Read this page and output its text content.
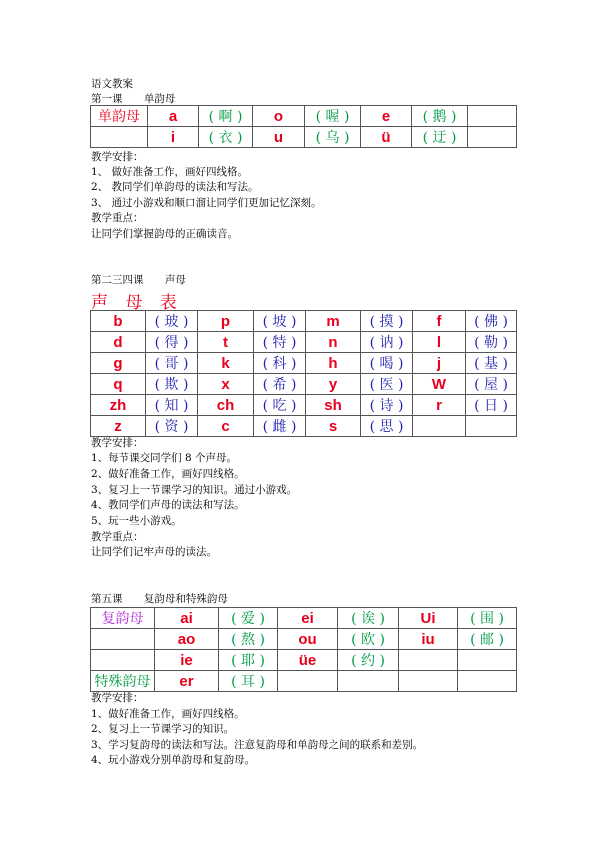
语文教案
第一课 单韵母
单韵母	a	( 啊 )	o	( 喔 )	e	( 鹅 )	
	i	( 衣 )	u	( 乌 )	ü	( 迂 )	
教学安排：
1、 做好准备工作，画好四线格。
2、 教同学们单韵母的读法和写法。
3、 通过小游戏和顺口溜让同学们更加记忆深刻。
教学重点：
让同学们掌握韵母的正确读音。
第二三四课 声母
声 母 表
b	( 玻 )	p	( 坡 )	m	( 摸 )	f	( 佛 )
d	( 得 )	t	( 特 )	n	( 讷 )	l	( 勒 )
g	( 哥 )	k	( 科 )	h	( 喝 )	j	( 基 )
q	( 欺 )	x	( 希 )	y	( 医 )	W	( 屋 )
zh	( 知 )	ch	( 吃 )	sh	( 诗 )	r	( 日 )
z	( 资 )	c	( 雌 )	s	( 思 )		
教学安排：
1、每节课交同学们 8 个声母。
2、做好准备工作，画好四线格。
3、复习上一节课学习的知识。通过小游戏。
4、教同学们声母的读法和写法。
5、玩一些小游戏。
教学重点：
让同学们记牢声母的读法。
第五课 复韵母和特殊韵母
复韵母	ai	( 爱 )	ei	( 诶 )	Ui	( 围 )
	ao	( 熬 )	ou	( 欧 )	iu	( 邮 )
	ie	( 耶 )	üe	( 约 )		
特殊韵母	er	( 耳 )				
教学安排：
1、做好准备工作，画好四线格。
2、复习上一节课学习的知识。
3、学习复韵母的读法和写法。注意复韵母和单韵母之间的联系和差别。
4、玩小游戏分别单韵母和复韵母。
